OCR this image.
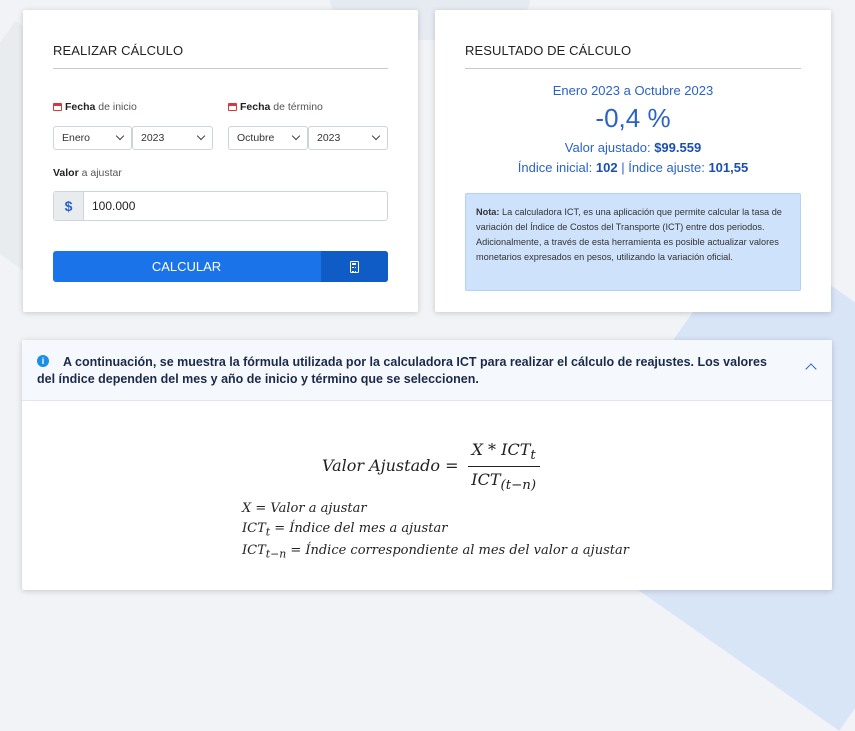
REALIZAR CÁLCULO
Fecha de inicio	Fecha de término
Enero	2023	Octubre	2023
Valor a ajustar
$	100.000
CALCULAR
RESULTADO DE CÁLCULO
Enero 2023 a Octubre 2023
-0,4 %
Valor ajustado: $99.559
Índice inicial: 102 | Índice ajuste: 101,55
Nota: La calculadora ICT, es una aplicación que permite calcular la tasa de variación del Índice de Costos del Transporte (ICT) entre dos periodos. Adicionalmente, a través de esta herramienta es posible actualizar valores monetarios expresados en pesos, utilizando la variación oficial.
i	A continuación, se muestra la fórmula utilizada por la calculadora ICT para realizar el cálculo de reajustes. Los valores del índice dependen del mes y año de inicio y término que se seleccionen.
Valor Ajustado = $\frac{X * ICT_t}{ICT_{(t-n)}}$
X = Valor a ajustar
$ICT_t$ = Índice del mes a ajustar
$ICT_{t-n}$ = Índice correspondiente al mes del valor a ajustar
